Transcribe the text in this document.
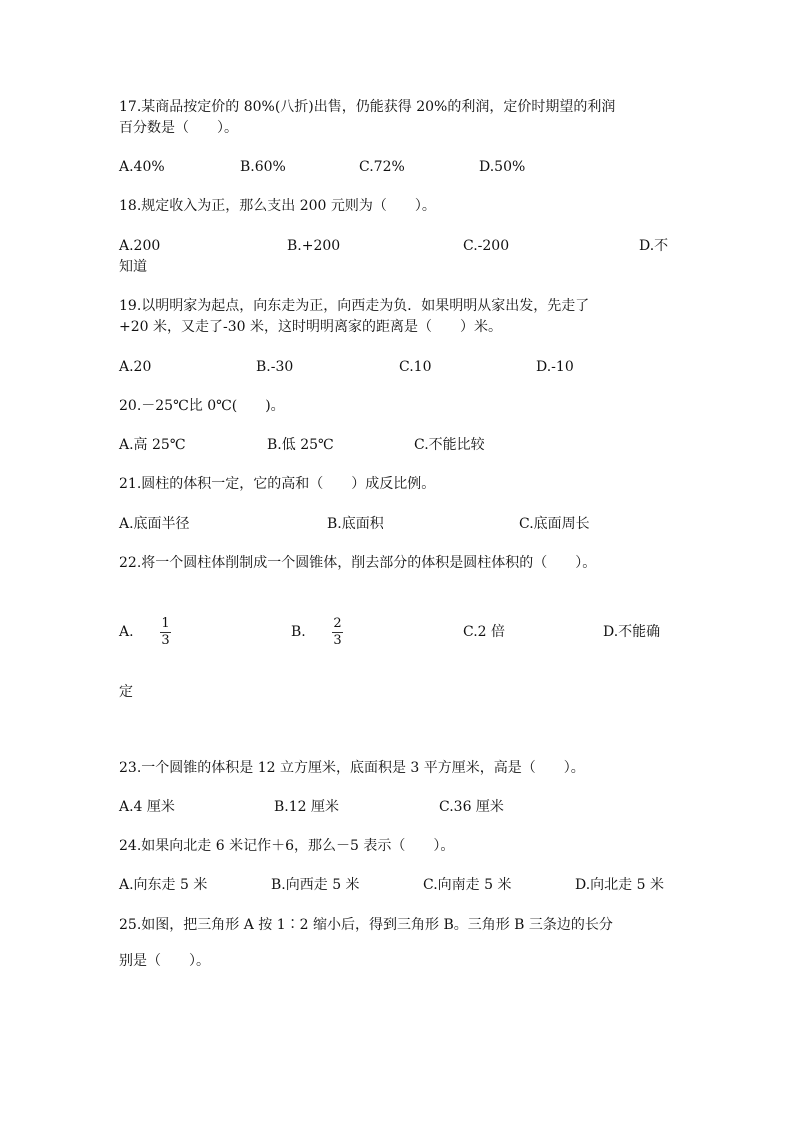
17.某商品按定价的 80%(八折)出售，仍能获得 20%的利润，定价时期望的利润
百分数是（　　）。
A.40%	B.60%	C.72%	D.50%
18.规定收入为正，那么支出 200 元则为（　　）。
A.200	B.+200	C.-200	D.不
知道
19.以明明家为起点，向东走为正，向西走为负．如果明明从家出发，先走了
+20 米，又走了-30 米，这时明明离家的距离是（　　）米。
A.20	B.-30	C.10	D.-10
20.－25℃比 0℃(　　)。
A.高 25℃	B.低 25℃	C.不能比较
21.圆柱的体积一定，它的高和（　　）成反比例。
A.底面半径	B.底面积	C.底面周长
22.将一个圆柱体削制成一个圆锥体，削去部分的体积是圆柱体积的（　　）。
A.
1
3
B.
2
3
C.2 倍	D.不能确
定
23.一个圆锥的体积是 12 立方厘米，底面积是 3 平方厘米，高是（　　）。
A.4 厘米	B.12 厘米	C.36 厘米
24.如果向北走 6 米记作＋6，那么－5 表示（　　）。
A.向东走 5 米	B.向西走 5 米	C.向南走 5 米	D.向北走 5 米
25.如图，把三角形 A 按 1∶2 缩小后，得到三角形 B。三角形 B 三条边的长分
别是（　　）。
